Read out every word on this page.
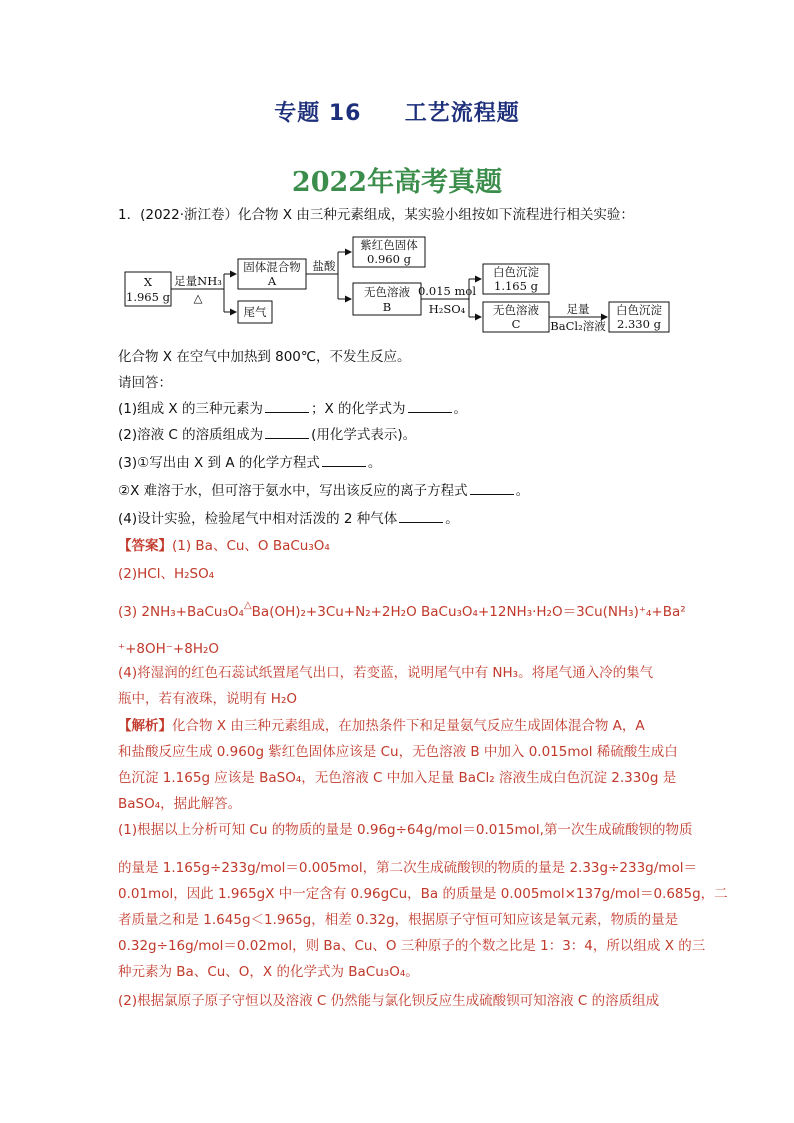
专题 16     工艺流程题
2022年高考真题
1．(2022·浙江卷）化合物 X 由三种元素组成，某实验小组按如下流程进行相关实验：
X
1.965 g
足量NH₃
△
固体混合物
A
尾气
盐酸
紫红色固体
0.960 g
无色溶液
B
0.015 mol
H₂SO₄
白色沉淀
1.165 g
无色溶液
C
足量
BaCl₂溶液
白色沉淀
2.330 g
化合物 X 在空气中加热到 800℃，不发生反应。
请回答：
(1)组成 X 的三种元素为	；X 的化学式为	。
(2)溶液 C 的溶质组成为	(用化学式表示)。
(3)①写出由 X 到 A 的化学方程式	。
②X 难溶于水，但可溶于氨水中，写出该反应的离子方程式	。
(4)设计实验，检验尾气中相对活泼的 2 种气体	。
【答案】(1) Ba、Cu、O BaCu₃O₄
(2)HCl、H₂SO₄
(3) 2NH₃+BaCu₃O₄△Ba(OH)₂+3Cu+N₂+2H₂O BaCu₃O₄+12NH₃·H₂O＝3Cu(NH₃)⁺₄+Ba²
⁺+8OH⁻+8H₂O
(4)将湿润的红色石蕊试纸置尾气出口，若变蓝，说明尾气中有 NH₃。将尾气通入冷的集气
瓶中，若有液珠，说明有 H₂O
【解析】化合物 X 由三种元素组成，在加热条件下和足量氨气反应生成固体混合物 A，A
和盐酸反应生成 0.960g 紫红色固体应该是 Cu，无色溶液 B 中加入 0.015mol 稀硫酸生成白
色沉淀 1.165g 应该是 BaSO₄，无色溶液 C 中加入足量 BaCl₂ 溶液生成白色沉淀 2.330g 是
BaSO₄，据此解答。
(1)根据以上分析可知 Cu 的物质的量是 0.96g÷64g/mol＝0.015mol,第一次生成硫酸钡的物质
的量是 1.165g÷233g/mol＝0.005mol，第二次生成硫酸钡的物质的量是 2.33g÷233g/mol＝
0.01mol，因此 1.965gX 中一定含有 0.96gCu，Ba 的质量是 0.005mol×137g/mol＝0.685g，二
者质量之和是 1.645g＜1.965g，相差 0.32g，根据原子守恒可知应该是氧元素，物质的量是
0.32g÷16g/mol＝0.02mol，则 Ba、Cu、O 三种原子的个数之比是 1：3：4，所以组成 X 的三
种元素为 Ba、Cu、O，X 的化学式为 BaCu₃O₄。
(2)根据氯原子原子守恒以及溶液 C 仍然能与氯化钡反应生成硫酸钡可知溶液 C 的溶质组成
